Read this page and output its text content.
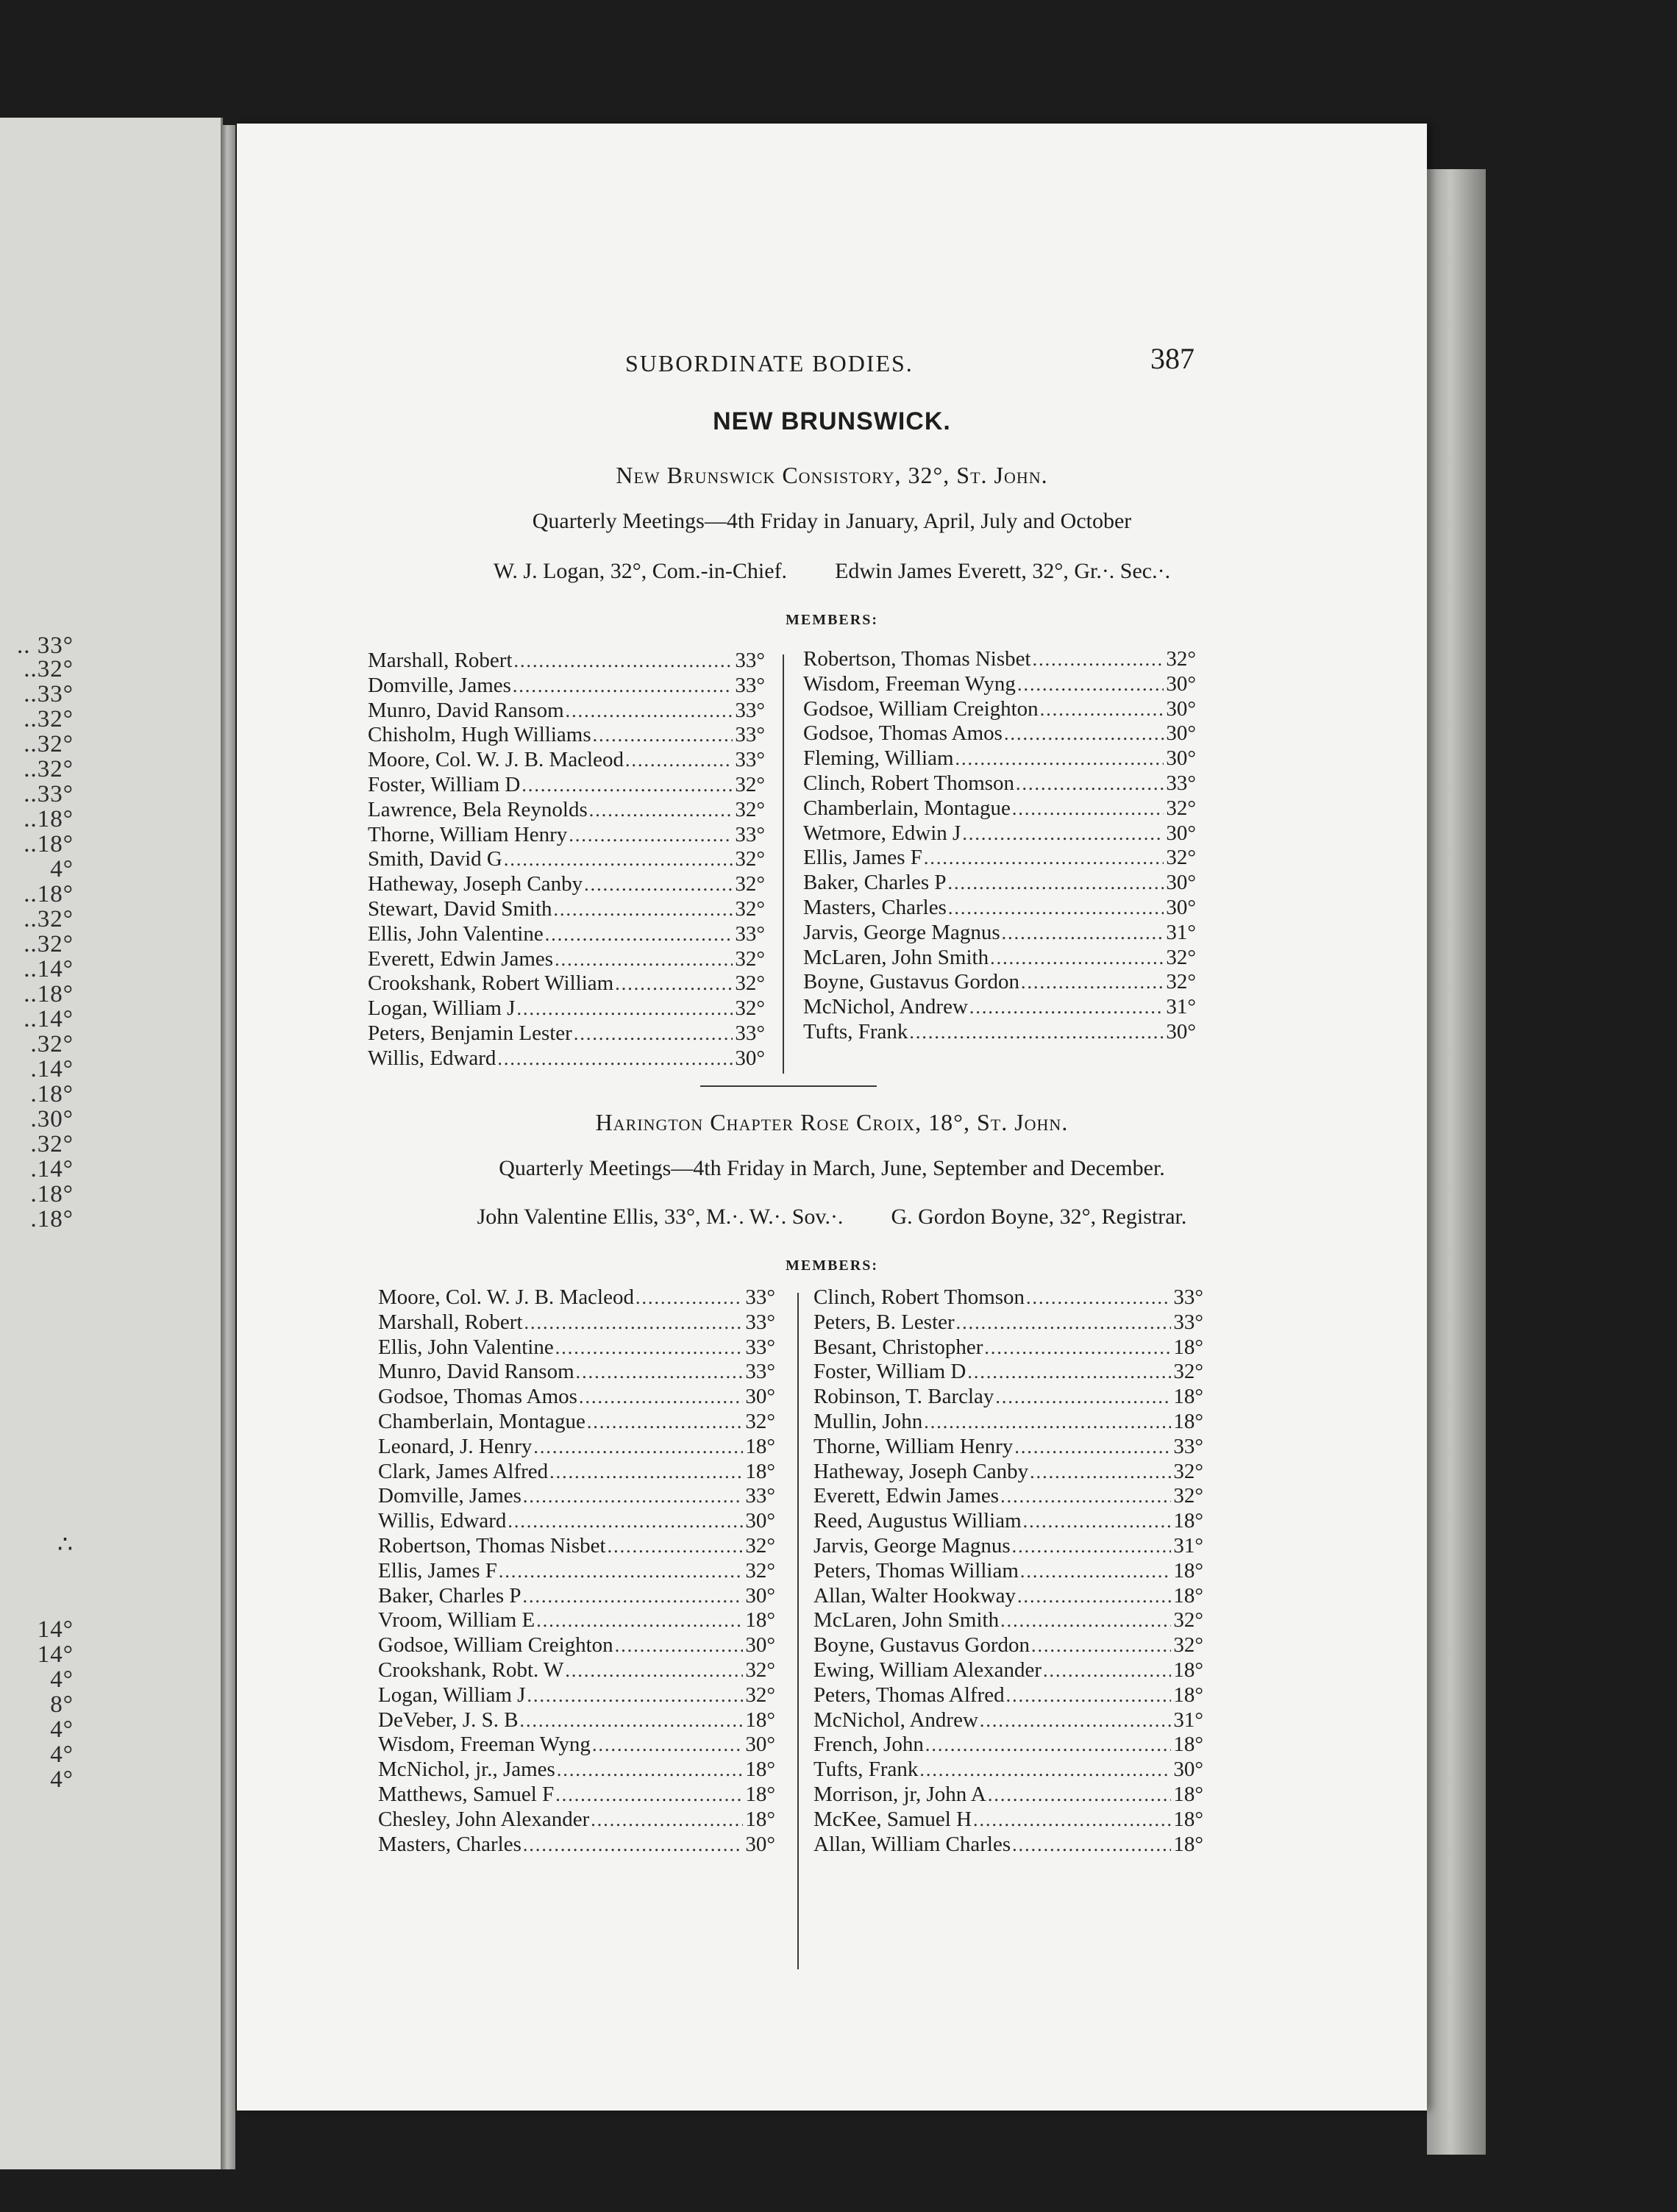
.. 33°
..32°
..33°
..32°
..32°
..32°
..33°
..18°
..18°
4°
..18°
..32°
..32°
..14°
..18°
..14°
.32°
.14°
.18°
.30°
.32°
.14°
.18°
.18°
∴
14°
14°
4°
8°
4°
4°
4°
SUBORDINATE BODIES.	387
NEW BRUNSWICK.
New Brunswick Consistory, 32°, St. John.
Quarterly Meetings—4th Friday in January, April, July and October
W. J. Logan, 32°, Com.-in-Chief. Edwin James Everett, 32°, Gr.·. Sec.·.
MEMBERS:
Marshall, Robert .....	33°
Domville, James .....	33°
Munro, David Ransom .....	33°
Chisholm, Hugh Williams .....	33°
Moore, Col. W. J. B. Macleod .....	33°
Foster, William D .....	32°
Lawrence, Bela Reynolds .....	32°
Thorne, William Henry .....	33°
Smith, David G .....	32°
Hatheway, Joseph Canby .....	32°
Stewart, David Smith .....	32°
Ellis, John Valentine .....	33°
Everett, Edwin James .....	32°
Crookshank, Robert William .....	32°
Logan, William J .....	32°
Peters, Benjamin Lester .....	33°
Willis, Edward .....	30°
Robertson, Thomas Nisbet .....	32°
Wisdom, Freeman Wyng .....	30°
Godsoe, William Creighton .....	30°
Godsoe, Thomas Amos .....	30°
Fleming, William .....	30°
Clinch, Robert Thomson .....	33°
Chamberlain, Montague .....	32°
Wetmore, Edwin J .....	30°
Ellis, James F .....	32°
Baker, Charles P .....	30°
Masters, Charles .....	30°
Jarvis, George Magnus .....	31°
McLaren, John Smith .....	32°
Boyne, Gustavus Gordon .....	32°
McNichol, Andrew .....	31°
Tufts, Frank .....	30°
Harington Chapter Rose Croix, 18°, St. John.
Quarterly Meetings—4th Friday in March, June, September and December.
John Valentine Ellis, 33°, M.·. W.·. Sov.·. G. Gordon Boyne, 32°, Registrar.
MEMBERS:
Moore, Col. W. J. B. Macleod .....	33°
Marshall, Robert .....	33°
Ellis, John Valentine .....	33°
Munro, David Ransom .....	33°
Godsoe, Thomas Amos .....	30°
Chamberlain, Montague .....	32°
Leonard, J. Henry .....	18°
Clark, James Alfred .....	18°
Domville, James .....	33°
Willis, Edward .....	30°
Robertson, Thomas Nisbet .....	32°
Ellis, James F .....	32°
Baker, Charles P .....	30°
Vroom, William E .....	18°
Godsoe, William Creighton .....	30°
Crookshank, Robt. W .....	32°
Logan, William J .....	32°
DeVeber, J. S. B .....	18°
Wisdom, Freeman Wyng .....	30°
McNichol, jr., James .....	18°
Matthews, Samuel F .....	18°
Chesley, John Alexander .....	18°
Masters, Charles .....	30°
Clinch, Robert Thomson .....	33°
Peters, B. Lester .....	33°
Besant, Christopher .....	18°
Foster, William D .....	32°
Robinson, T. Barclay .....	18°
Mullin, John .....	18°
Thorne, William Henry .....	33°
Hatheway, Joseph Canby .....	32°
Everett, Edwin James .....	32°
Reed, Augustus William .....	18°
Jarvis, George Magnus .....	31°
Peters, Thomas William .....	18°
Allan, Walter Hookway .....	18°
McLaren, John Smith .....	32°
Boyne, Gustavus Gordon .....	32°
Ewing, William Alexander .....	18°
Peters, Thomas Alfred .....	18°
McNichol, Andrew .....	31°
French, John .....	18°
Tufts, Frank .....	30°
Morrison, jr, John A .....	18°
McKee, Samuel H .....	18°
Allan, William Charles .....	18°
